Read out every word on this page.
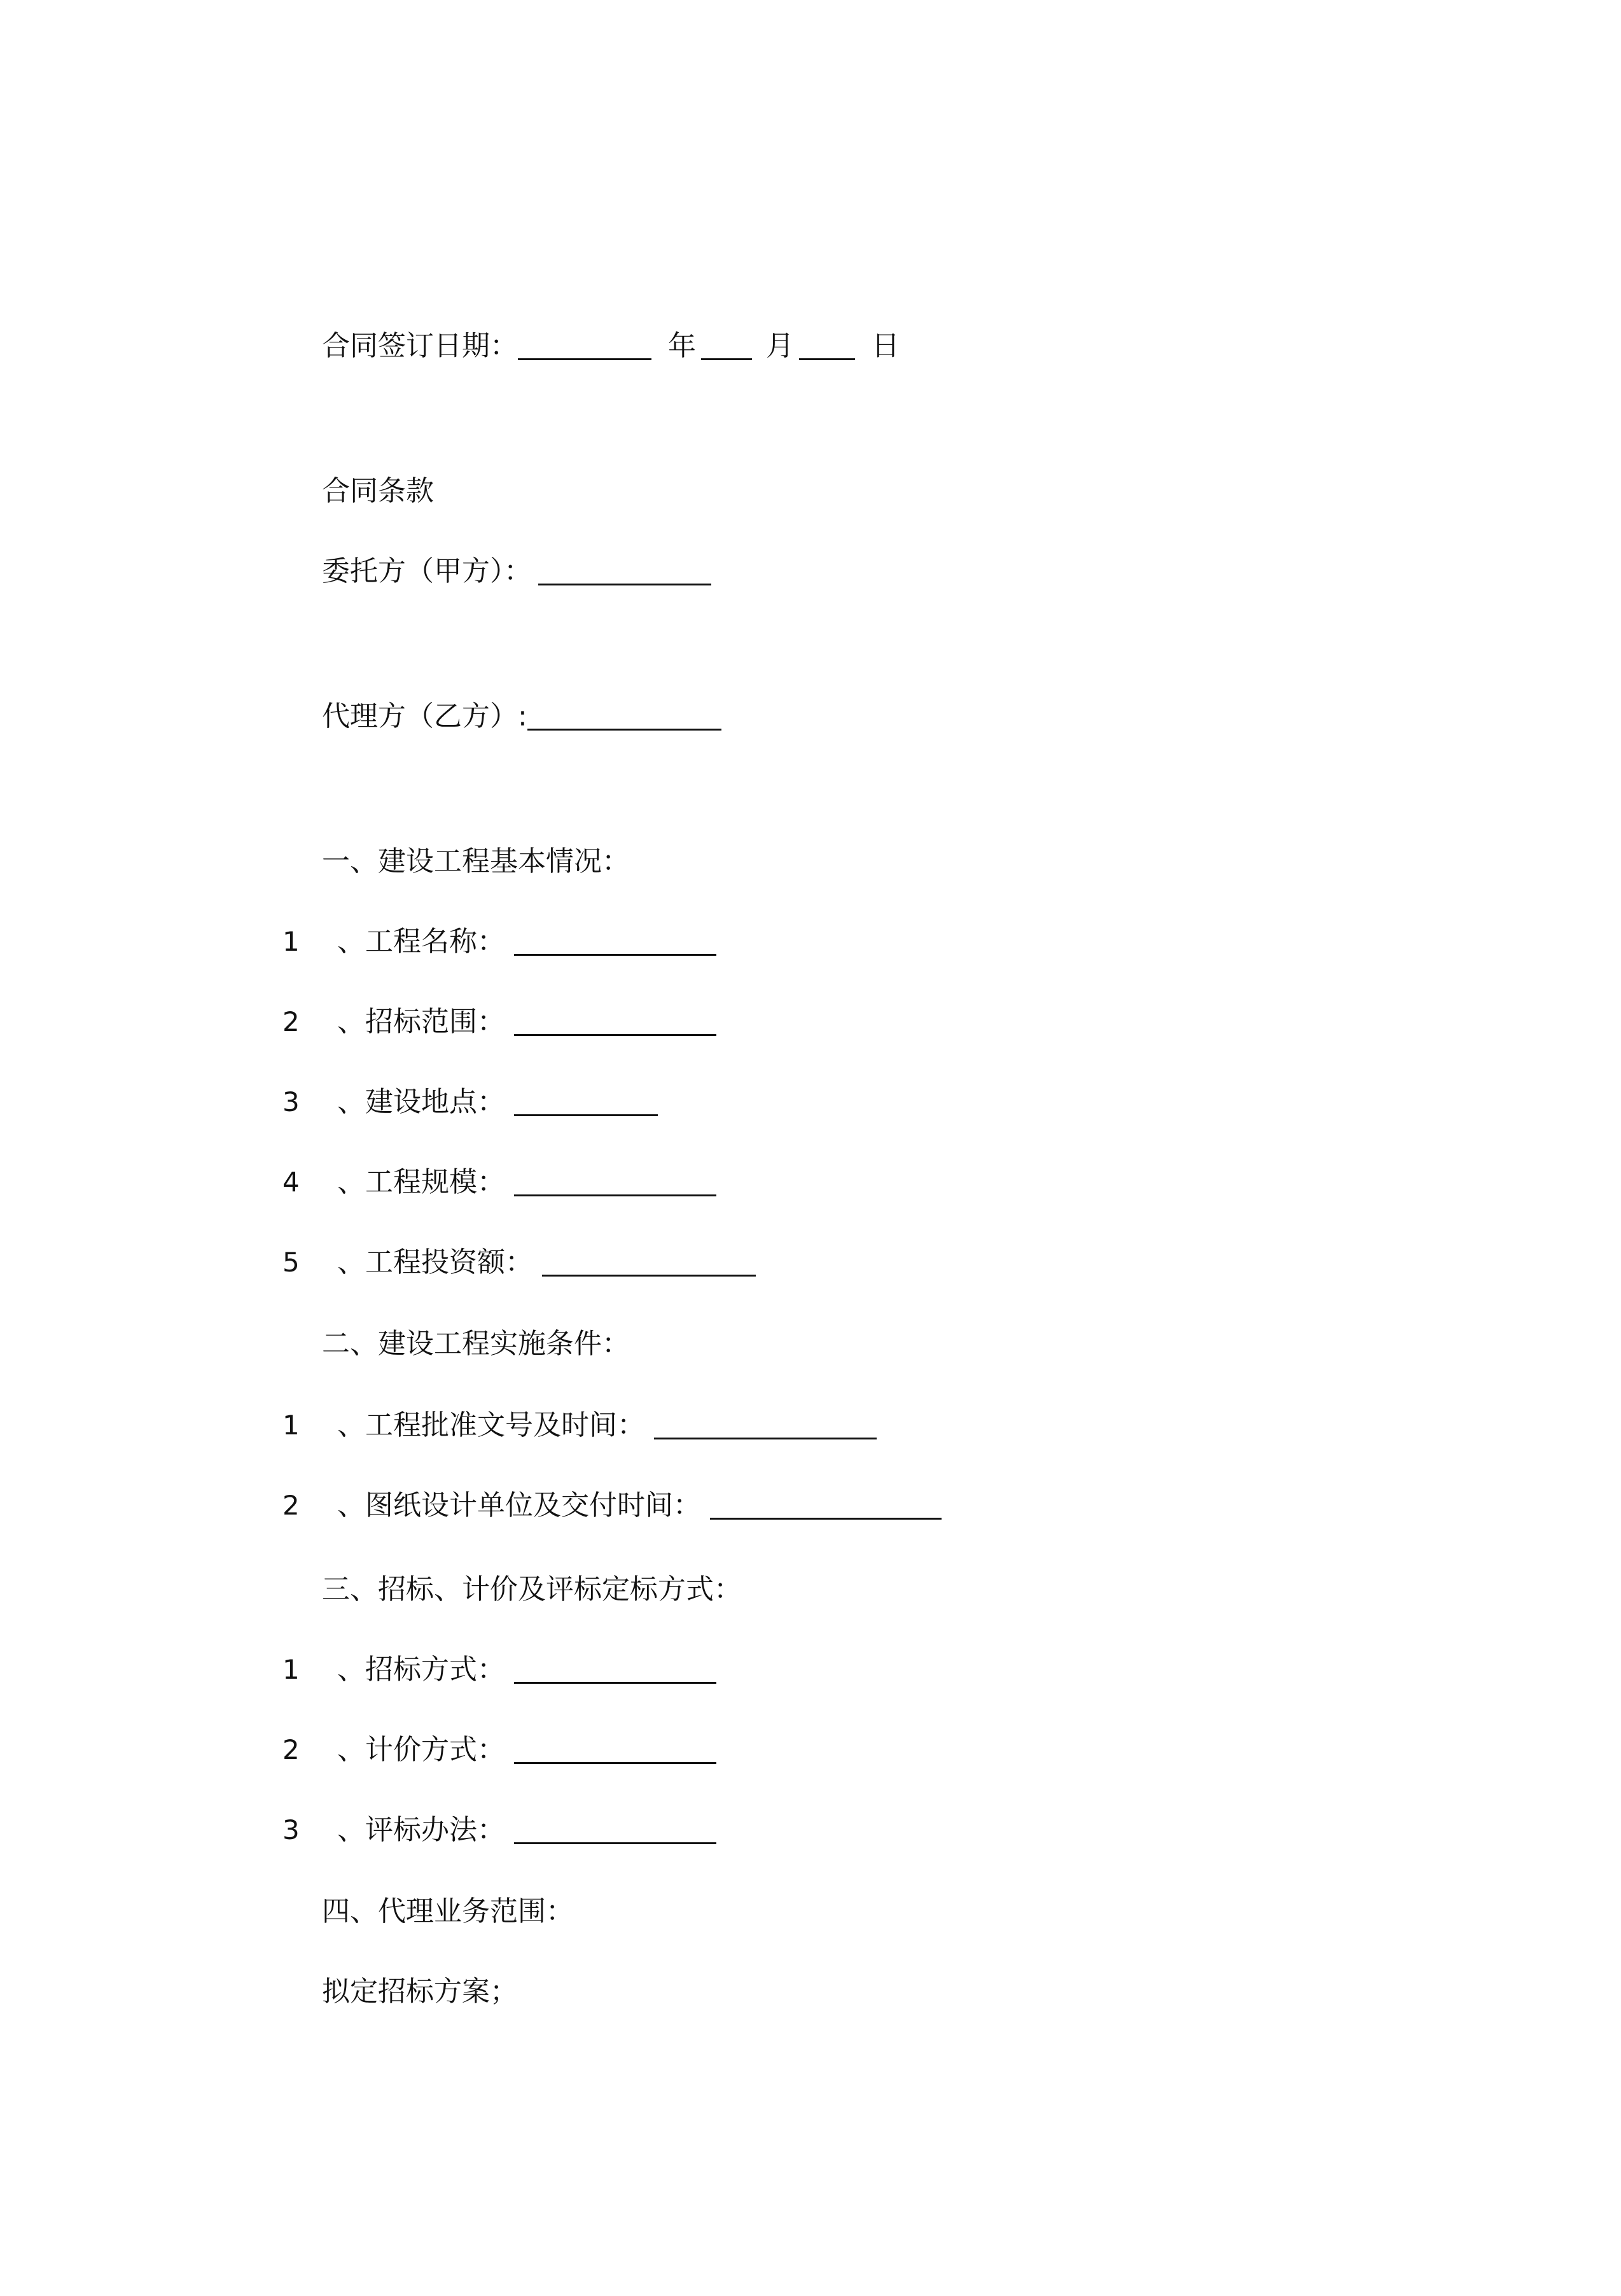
合同签订日期：	年	月	日
合同条款
委托方（甲方）：
代理方（乙方）:
一、建设工程基本情况：
1 、工程名称：
2 、招标范围：
3 、建设地点：
4 、工程规模：
5 、工程投资额：
二、建设工程实施条件：
1 、工程批准文号及时间：
2 、图纸设计单位及交付时间：
三、招标、计价及评标定标方式：
1 、招标方式：
2 、计价方式：
3 、评标办法：
四、代理业务范围：
拟定招标方案；
